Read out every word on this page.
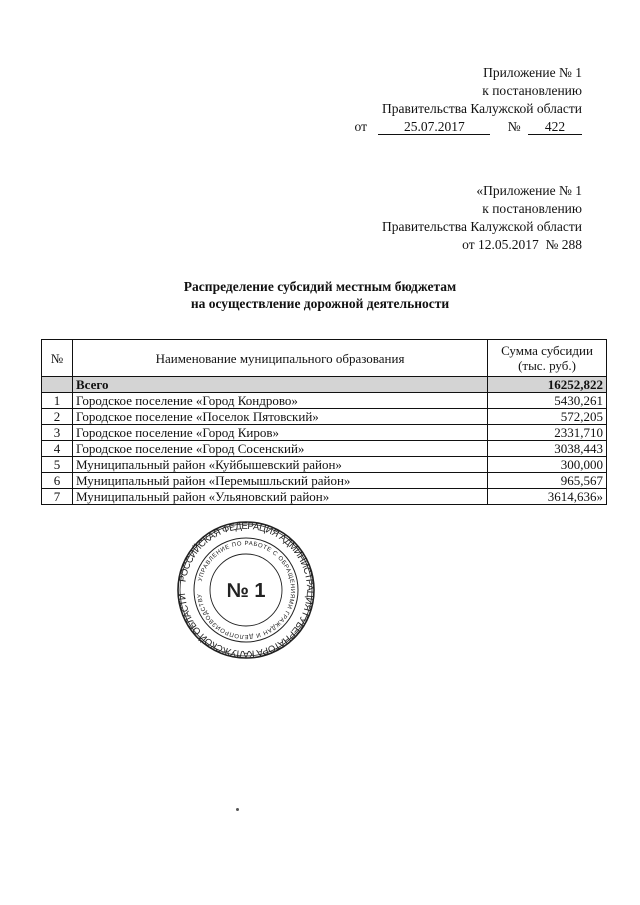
Приложение № 1
к постановлению
Правительства Калужской области
от	25.07.2017	№ 422
«Приложение № 1
к постановлению
Правительства Калужской области
от 12.05.2017  № 288
Распределение субсидий местным бюджетам
на осуществление дорожной деятельности
№	Наименование муниципального образования	Сумма субсидии (тыс. руб.)
	Всего	16252,822
1	Городское поселение «Город Кондрово»	5430,261
2	Городское поселение «Поселок Пятовский»	572,205
3	Городское поселение «Город Киров»	2331,710
4	Городское поселение «Город Сосенский»	3038,443
5	Муниципальный район «Куйбышевский район»	300,000
6	Муниципальный район «Перемышльский район»	965,567
7	Муниципальный район «Ульяновский район»	3614,636»
РОССИЙСКАЯ ФЕДЕРАЦИЯ АДМИНИСТРАЦИЯ ГУБЕРНАТОРА КАЛУЖСКОЙ ОБЛАСТИ
УПРАВЛЕНИЕ ПО РАБОТЕ С ОБРАЩЕНИЯМИ ГРАЖДАН И ДЕЛОПРОИЗВОДСТВУ	№ 1
